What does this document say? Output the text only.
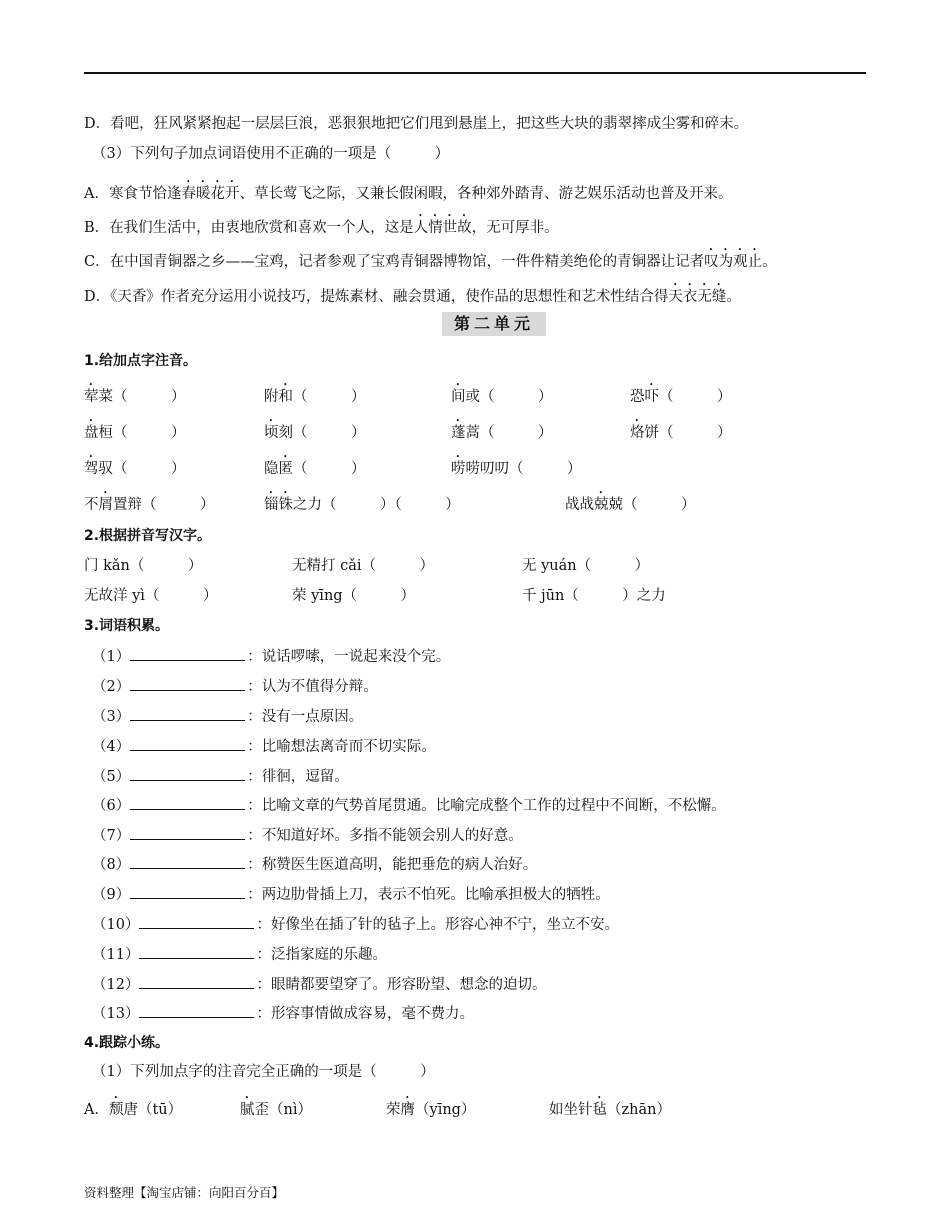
D．看吧，狂风紧紧抱起一层层巨浪，恶狠狠地把它们甩到悬崖上，把这些大块的翡翠摔成尘雾和碎末。
（3）下列句子加点词语使用不正确的一项是（　　　）
A．寒食节恰逢春暖花开、草长莺飞之际，又兼长假闲暇，各种郊外踏青、游艺娱乐活动也普及开来。
B．在我们生活中，由衷地欣赏和喜欢一个人，这是人情世故，无可厚非。
C．在中国青铜器之乡——宝鸡，记者参观了宝鸡青铜器博物馆，一件件精美绝伦的青铜器让记者叹为观止。
D．《天香》作者充分运用小说技巧，提炼素材、融会贯通，使作品的思想性和艺术性结合得天衣无缝。
第二单元
1.给加点字注音。
荤菜（　　　）	附和（　　　）	间或（　　　）	恐吓（　　　）
盘桓（　　　）	顷刻（　　　）	蓬蒿（　　　）	烙饼（　　　）
驾驭（　　　）	隐匿（　　　）	唠唠叨叨（　　　）
不屑置辩（　　　）	锱铢之力（　　　）（　　　）	战战兢兢（　　　）
2.根据拼音写汉字。
门 kǎn（　　　）	无精打 cǎi（　　　）	无 yuán（　　　）
无故洋 yì（　　　）	荣 yīng（　　　）	千 jūn（　　　）之力
3.词语积累。
（1）	：说话啰嗦，一说起来没个完。
（2）	：认为不值得分辩。
（3）	：没有一点原因。
（4）	：比喻想法离奇而不切实际。
（5）	：徘徊，逗留。
（6）	：比喻文章的气势首尾贯通。比喻完成整个工作的过程中不间断，不松懈。
（7）	：不知道好坏。多指不能领会别人的好意。
（8）	：称赞医生医道高明，能把垂危的病人治好。
（9）	：两边肋骨插上刀，表示不怕死。比喻承担极大的牺牲。
（10）	：好像坐在插了针的毡子上。形容心神不宁，坐立不安。
（11）	：泛指家庭的乐趣。
（12）	：眼睛都要望穿了。形容盼望、想念的迫切。
（13）	：形容事情做成容易，毫不费力。
4.跟踪小练。
（1）下列加点字的注音完全正确的一项是（　　　）
A．颓唐（tū）	腻歪（nì）	荣膺（yīng）	如坐针毡（zhān）
资料整理【淘宝店铺：向阳百分百】
